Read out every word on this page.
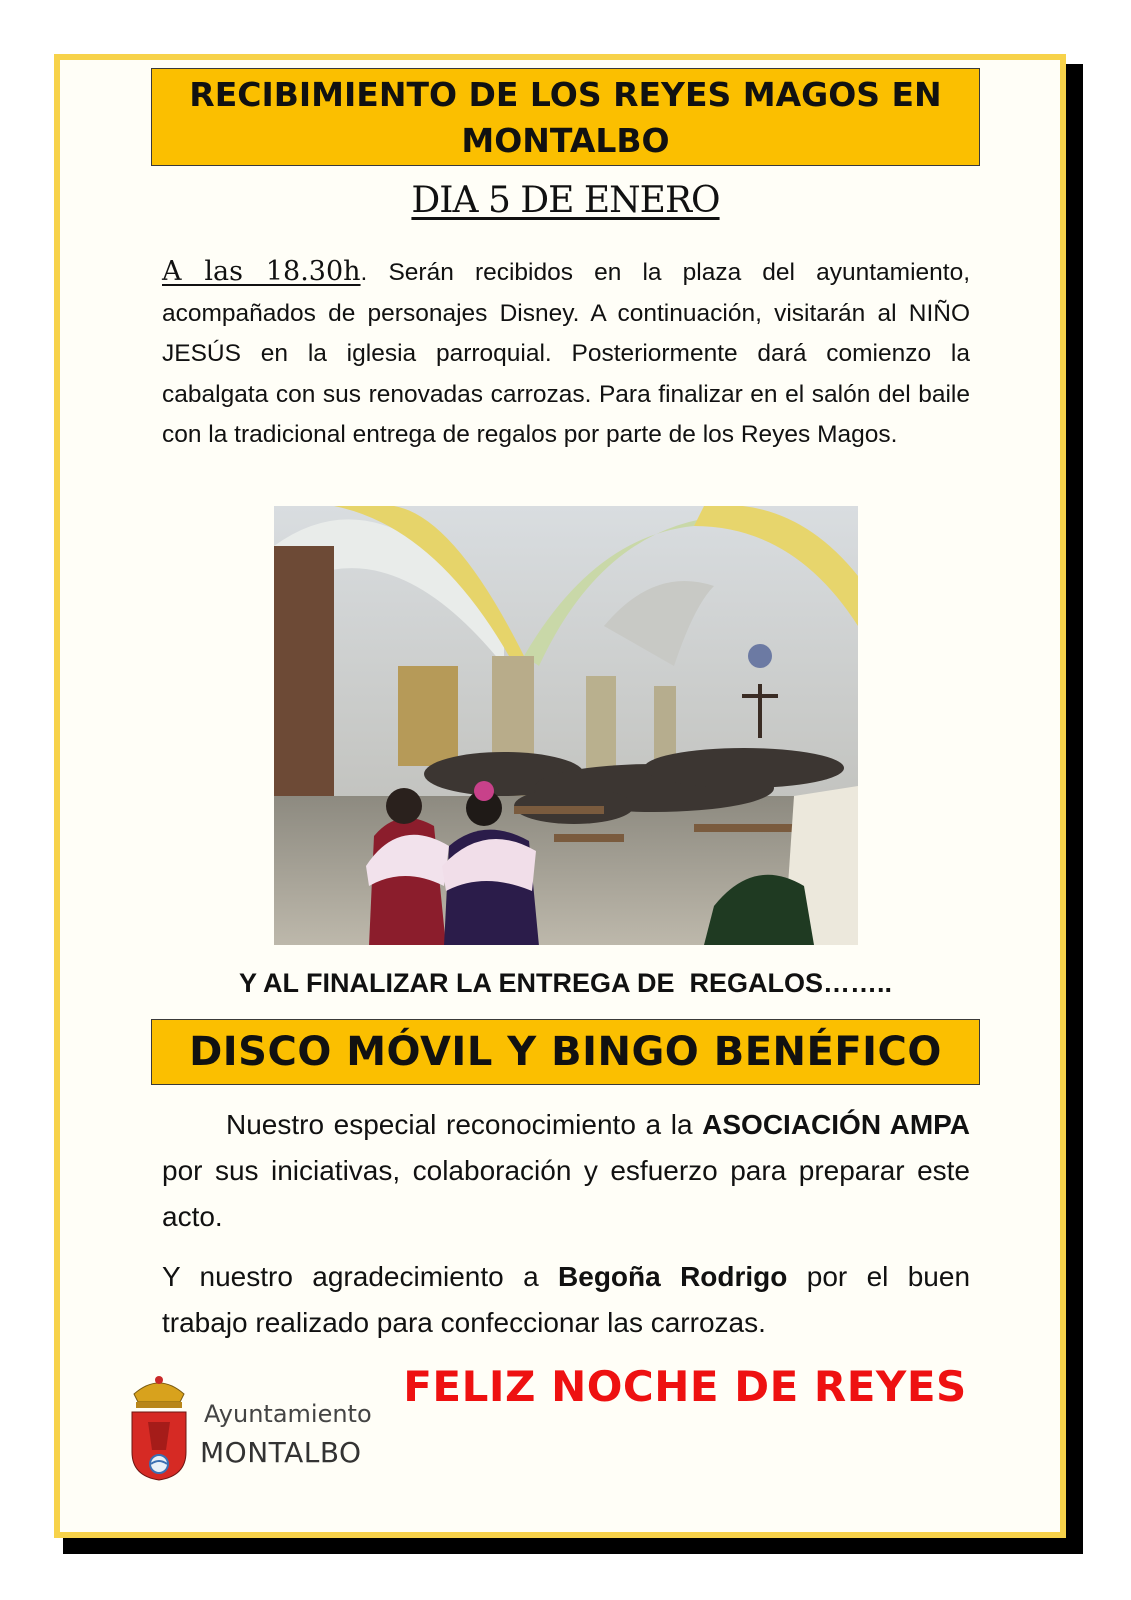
RECIBIMIENTO DE LOS REYES MAGOS EN MONTALBO
DIA 5 DE ENERO
A las 18.30h. Serán recibidos en la plaza del ayuntamiento, acompañados de personajes Disney. A continuación, visitarán al NIÑO JESÚS en la iglesia parroquial. Posteriormente dará comienzo la cabalgata con sus renovadas carrozas. Para finalizar en el salón del baile con la tradicional entrega de regalos por parte de los Reyes Magos.
Y AL FINALIZAR LA ENTREGA DE  REGALOS……..
DISCO MÓVIL Y BINGO BENÉFICO
Nuestro especial reconocimiento a la ASOCIACIÓN AMPA por sus iniciativas, colaboración y esfuerzo para preparar este acto.
Y nuestro agradecimiento a Begoña Rodrigo por el buen trabajo realizado para confeccionar las carrozas.
Ayuntamiento
MONTALBO
FELIZ NOCHE DE REYES
